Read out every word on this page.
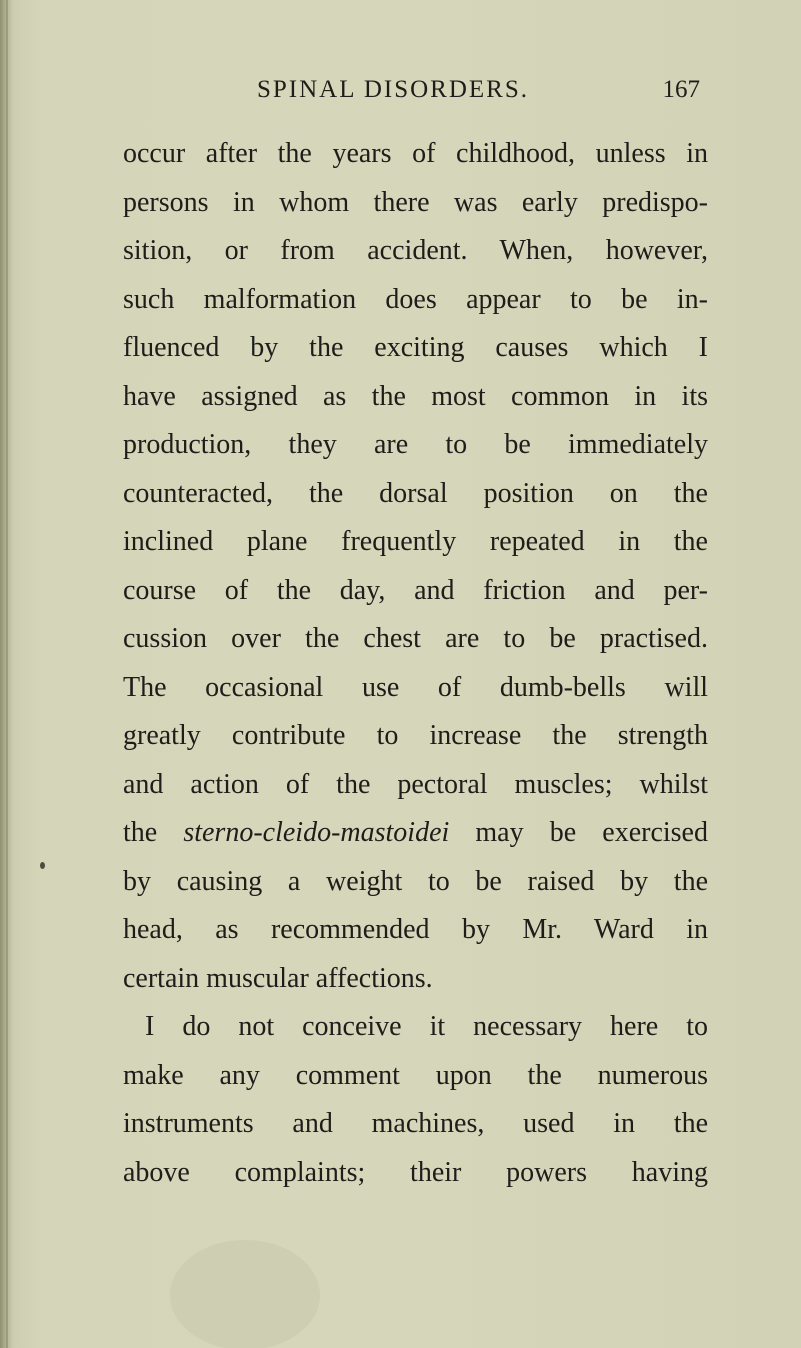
SPINAL DISORDERS.	167
occur after the years of childhood, unless in
persons in whom there was early predispo-
sition, or from accident. When, however,
such malformation does appear to be in-
fluenced by the exciting causes which I
have assigned as the most common in its
production, they are to be immediately
counteracted, the dorsal position on the
inclined plane frequently repeated in the
course of the day, and friction and per-
cussion over the chest are to be practised.
The occasional use of dumb-bells will
greatly contribute to increase the strength
and action of the pectoral muscles; whilst
the sterno-cleido-mastoidei may be exercised
by causing a weight to be raised by the
head, as recommended by Mr. Ward in
certain muscular affections.
I do not conceive it necessary here to
make any comment upon the numerous
instruments and machines, used in the
above complaints; their powers having
